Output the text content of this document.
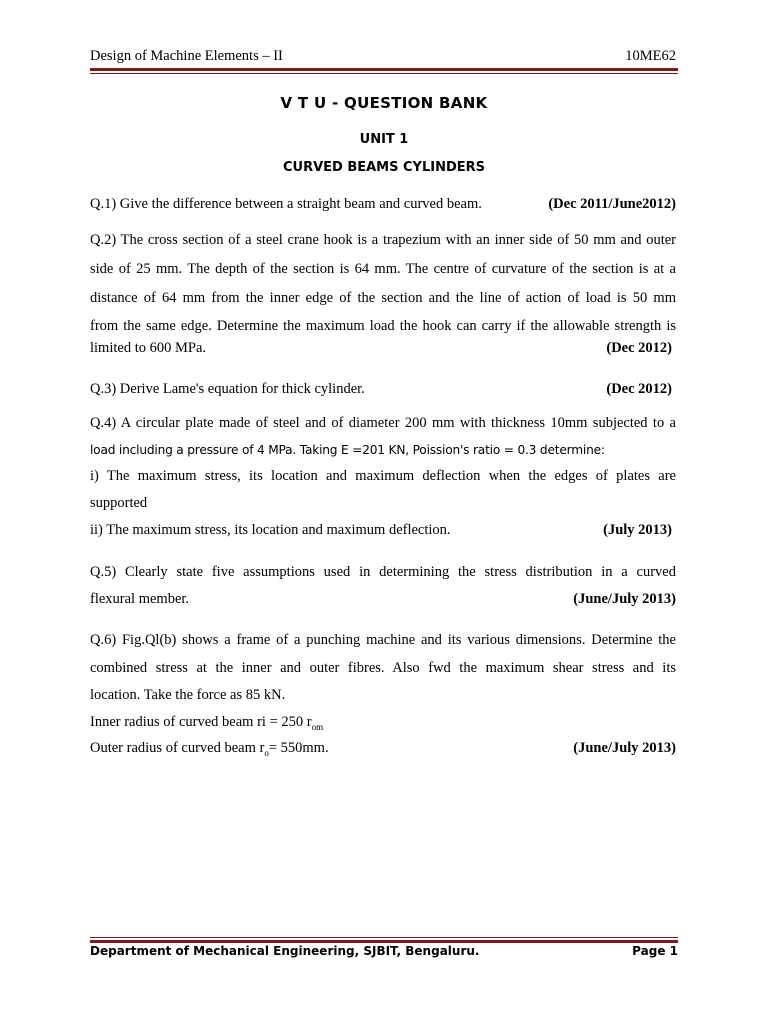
Design of Machine Elements – II	10ME62
V T U - QUESTION BANK
UNIT 1
CURVED BEAMS CYLINDERS
Q.1) Give the difference between a straight beam and curved beam.	(Dec 2011/June2012)
Q.2) The cross section of a steel crane hook is a trapezium with an inner side of 50 mm and outer
side of 25 mm. The depth of the section is 64 mm. The centre of curvature of the section is at a
distance of 64 mm from the inner edge of the section and the line of action of load is 50 mm
from the same edge. Determine the maximum load the hook can carry if the allowable strength is
limited to 600 MPa.	(Dec 2012)
Q.3) Derive Lame's equation for thick cylinder.	(Dec 2012)
Q.4) A circular plate made of steel and of diameter 200 mm with thickness 10mm subjected to a
load including a pressure of 4 MPa. Taking E =201 KN, Poission's ratio = 0.3 determine:
i) The maximum stress, its location and maximum deflection when the edges of plates are
supported
ii) The maximum stress, its location and maximum deflection.	(July 2013)
Q.5) Clearly state five assumptions used in determining the stress distribution in a curved
flexural member.	(June/July 2013)
Q.6) Fig.Ql(b) shows a frame of a punching machine and its various dimensions. Determine the
combined stress at the inner and outer fibres. Also fwd the maximum shear stress and its
location. Take the force as 85 kN.
Inner radius of curved beam ri = 250 $r_{om}$
Outer radius of curved beam $r_o= 550mm$.	(June/July 2013)
Department of Mechanical Engineering, SJBIT, Bengaluru.	Page 1
